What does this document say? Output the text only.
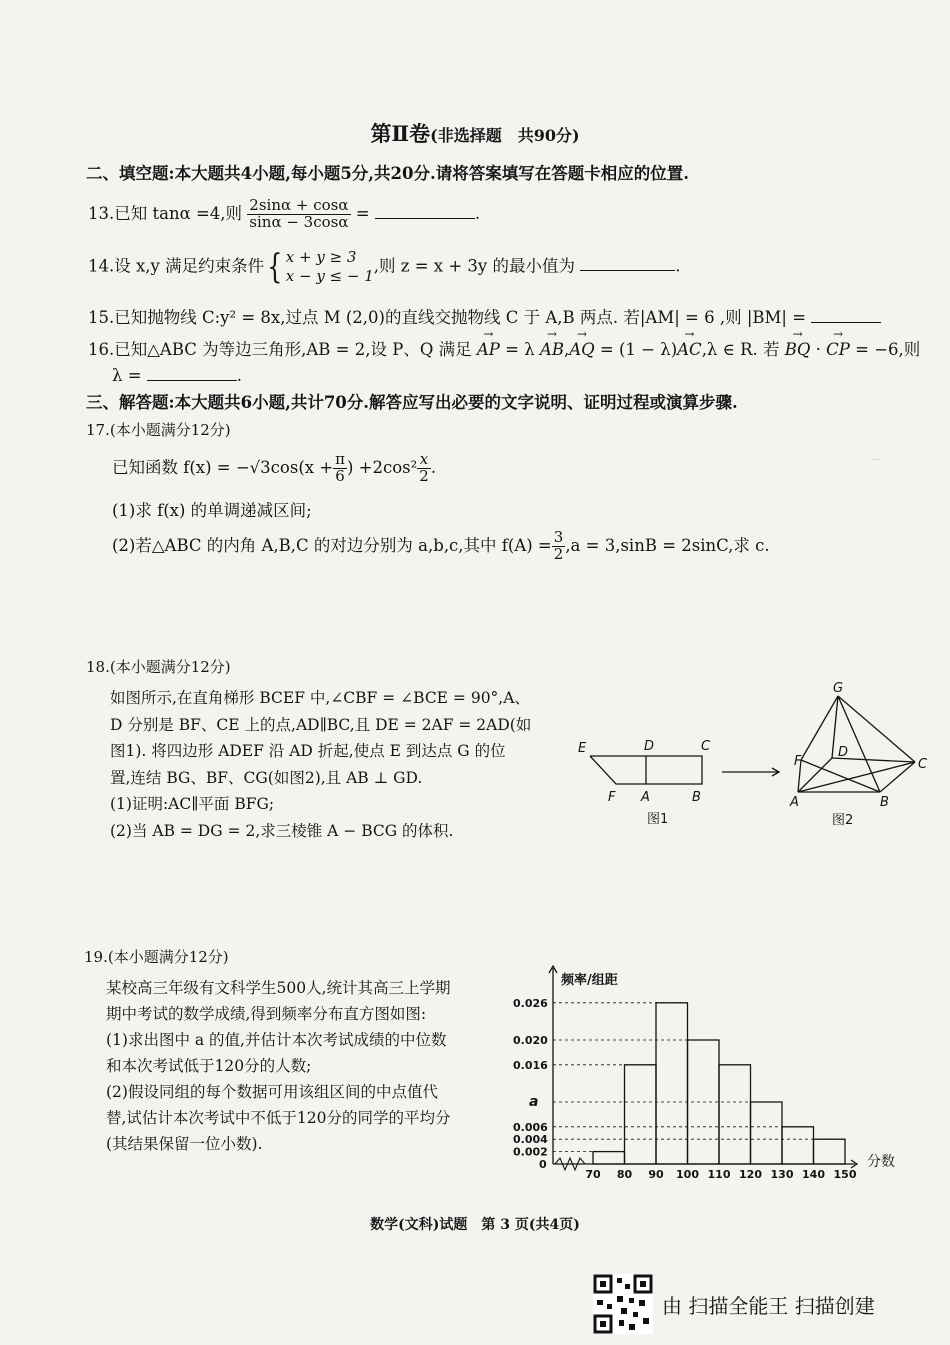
第Ⅱ卷(非选择题　共90分)
二、填空题:本大题共4小题,每小题5分,共20分.请将答案填写在答题卡相应的位置.
13.已知 tanα =4,则 $\frac{2\sin\alpha + \cos\alpha}{\sin\alpha - 3\cos\alpha}$ =	.
14.设 x,y 满足约束条件{ x + y ≥ 3
x − y ≤ − 1
,则 z = x + 3y 的最小值为	.
15.已知抛物线 C:y² = 8x,过点 M (2,0)的直线交抛物线 C 于 A,B 两点. 若|AM| = 6 ,则 |BM| =
16.已知△ABC 为等边三角形,AB = 2,设 P、Q 满足 → AP = λ → AB,→ AQ = (1 − λ)→ AC,λ ∈ R. 若 → BQ · → CP = −6,则
λ =	.
三、解答题:本大题共6小题,共计70分.解答应写出必要的文字说明、证明过程或演算步骤.
17.(本小题满分12分)
已知函数 $f(x) = -√3\cos(x + \frac{\pi}{6}$ ) $+2\cos^2 \frac{x}{2}$ .
(1)求 f(x) 的单调递减区间;
(2)若△ABC 的内角 A,B,C 的对边分别为 a,b,c,其中 $f(A) = \frac{3}{2} ,a = 3,\sin B = 2\sin C$,求 c.
~
18.(本小题满分12分)
如图所示,在直角梯形 BCEF 中,∠CBF = ∠BCE = 90°,A、
D 分别是 BF、CE 上的点,AD∥BC,且 DE = 2AF = 2AD(如
图1). 将四边形 ADEF 沿 AD 折起,使点 E 到达点 G 的位
置,连结 BG、BF、CG(如图2),且 AB ⊥ GD.
(1)证明:AC∥平面 BFG;
(2)当 AB = DG = 2,求三棱锥 A − BCG 的体积.
E	D	C
F A	B
图1
G
D
F	C
A	B
图2
19.(本小题满分12分)
某校高三年级有文科学生500人,统计其高三上学期
期中考试的数学成绩,得到频率分布直方图如图:
(1)求出图中 a 的值,并估计本次考试成绩的中位数
和本次考试低于120分的人数;
(2)假设同组的每个数据可用该组区间的中点值代
替,试估计本次考试中不低于120分的同学的平均分
(其结果保留一位小数).
0.026
0.020
0.016
a
0.006
0.004
0.002
70 80 90 100 110 120 130 140 150
频率/组距
分数
0
数学(文科)试题　第 3 页(共4页)
由 扫描全能王 扫描创建
